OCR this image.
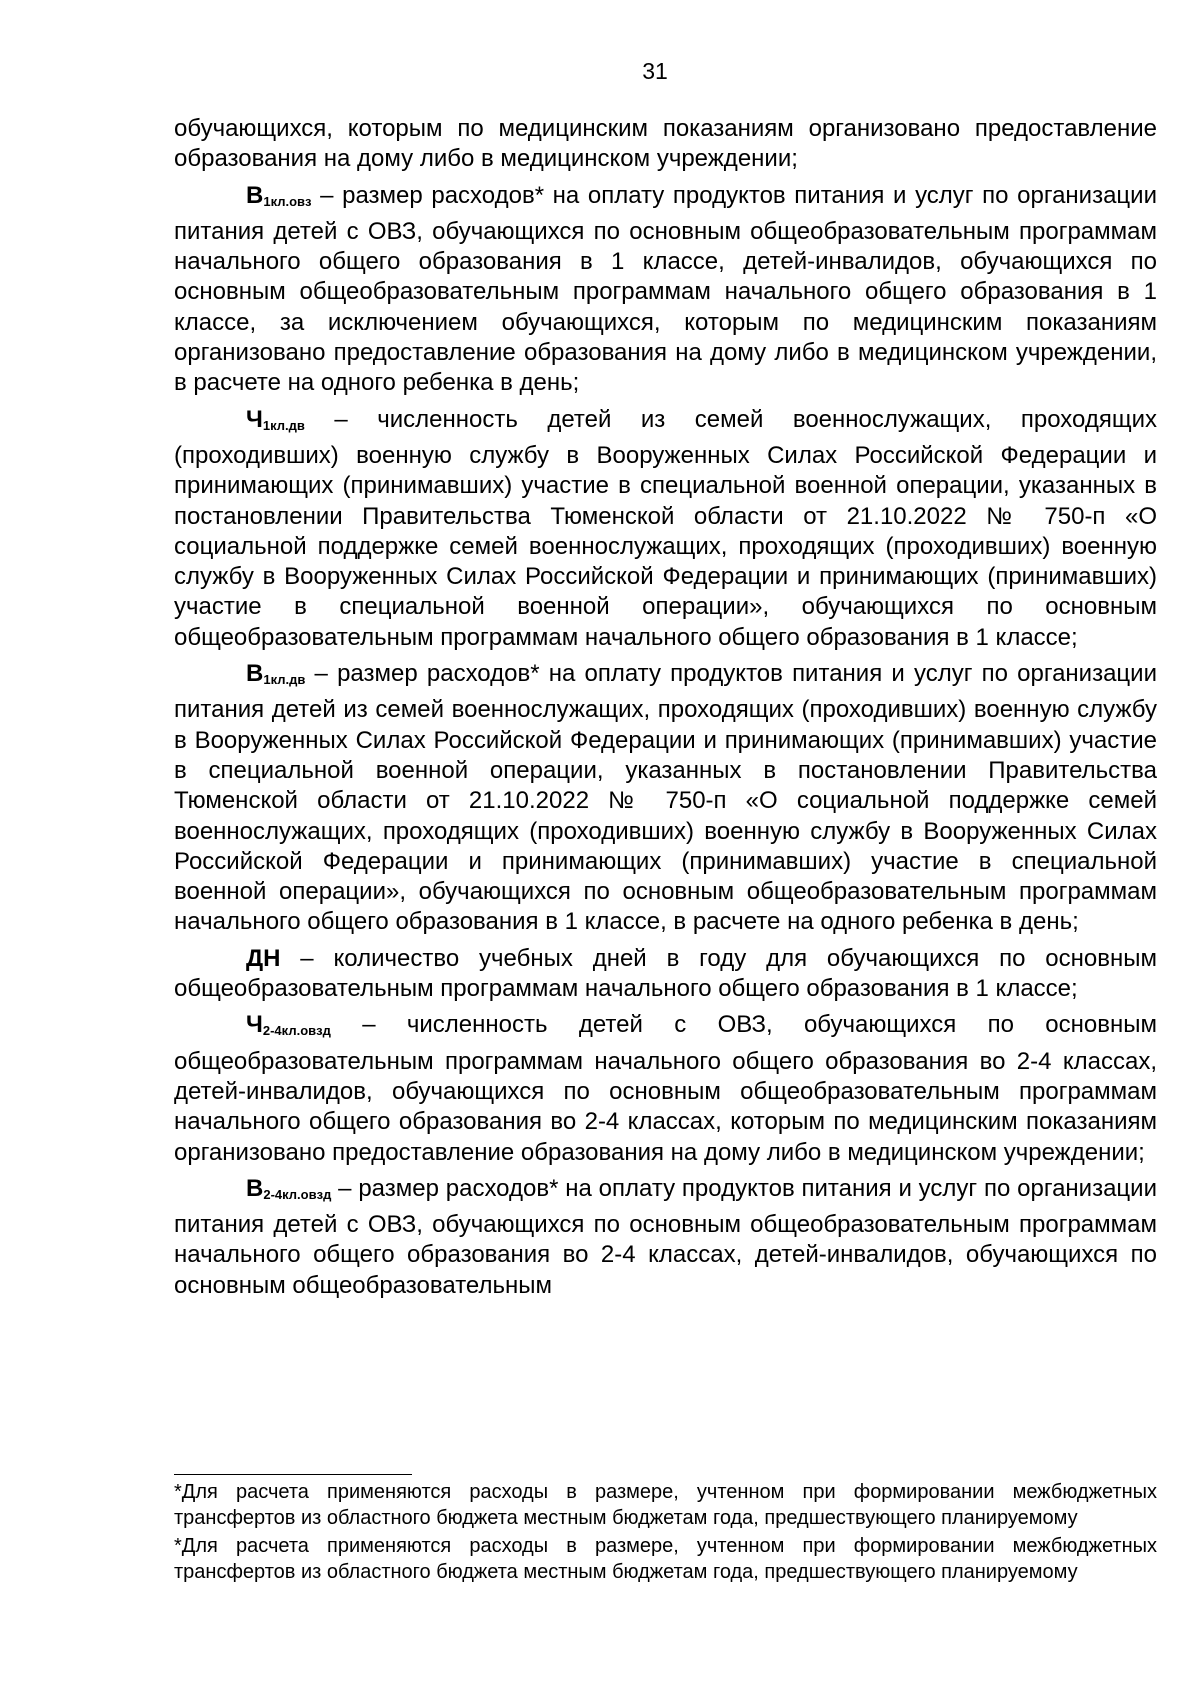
31

обучающихся, которым по медицинским показаниям организовано предоставление образования на дому либо в медицинском учреждении;

$В_{1кл.овз}$ – размер расходов* на оплату продуктов питания и услуг по организации питания детей с ОВЗ, обучающихся по основным общеобразовательным программам начального общего образования в 1 классе, детей-инвалидов, обучающихся по основным общеобразовательным программам начального общего образования в 1 классе, за исключением обучающихся, которым по медицинским показаниям организовано предоставление образования на дому либо в медицинском учреждении, в расчете на одного ребенка в день;

$Ч_{1кл.дв}$ – численность детей из семей военнослужащих, проходящих (проходивших) военную службу в Вооруженных Силах Российской Федерации и принимающих (принимавших) участие в специальной военной операции, указанных в постановлении Правительства Тюменской области от 21.10.2022 № 750-п «О социальной поддержке семей военнослужащих, проходящих (проходивших) военную службу в Вооруженных Силах Российской Федерации и принимающих (принимавших) участие в специальной военной операции», обучающихся по основным общеобразовательным программам начального общего образования в 1 классе;

$В_{1кл.дв}$ – размер расходов* на оплату продуктов питания и услуг по организации питания детей из семей военнослужащих, проходящих (проходивших) военную службу в Вооруженных Силах Российской Федерации и принимающих (принимавших) участие в специальной военной операции, указанных в постановлении Правительства Тюменской области от 21.10.2022 № 750-п «О социальной поддержке семей военнослужащих, проходящих (проходивших) военную службу в Вооруженных Силах Российской Федерации и принимающих (принимавших) участие в специальной военной операции», обучающихся по основным общеобразовательным программам начального общего образования в 1 классе, в расчете на одного ребенка в день;

ДН – количество учебных дней в году для обучающихся по основным общеобразовательным программам начального общего образования в 1 классе;

$Ч_{2-4кл.овзд}$ – численность детей с ОВЗ, обучающихся по основным общеобразовательным программам начального общего образования во 2-4 классах, детей-инвалидов, обучающихся по основным общеобразовательным программам начального общего образования во 2-4 классах, которым по медицинским показаниям организовано предоставление образования на дому либо в медицинском учреждении;

$В_{2-4кл.овзд}$ – размер расходов* на оплату продуктов питания и услуг по организации питания детей с ОВЗ, обучающихся по основным общеобразовательным программам начального общего образования во 2-4 классах, детей-инвалидов, обучающихся по основным общеобразовательным

*Для расчета применяются расходы в размере, учтенном при формировании межбюджетных трансфертов из областного бюджета местным бюджетам года, предшествующего планируемому

*Для расчета применяются расходы в размере, учтенном при формировании межбюджетных трансфертов из областного бюджета местным бюджетам года, предшествующего планируемому
